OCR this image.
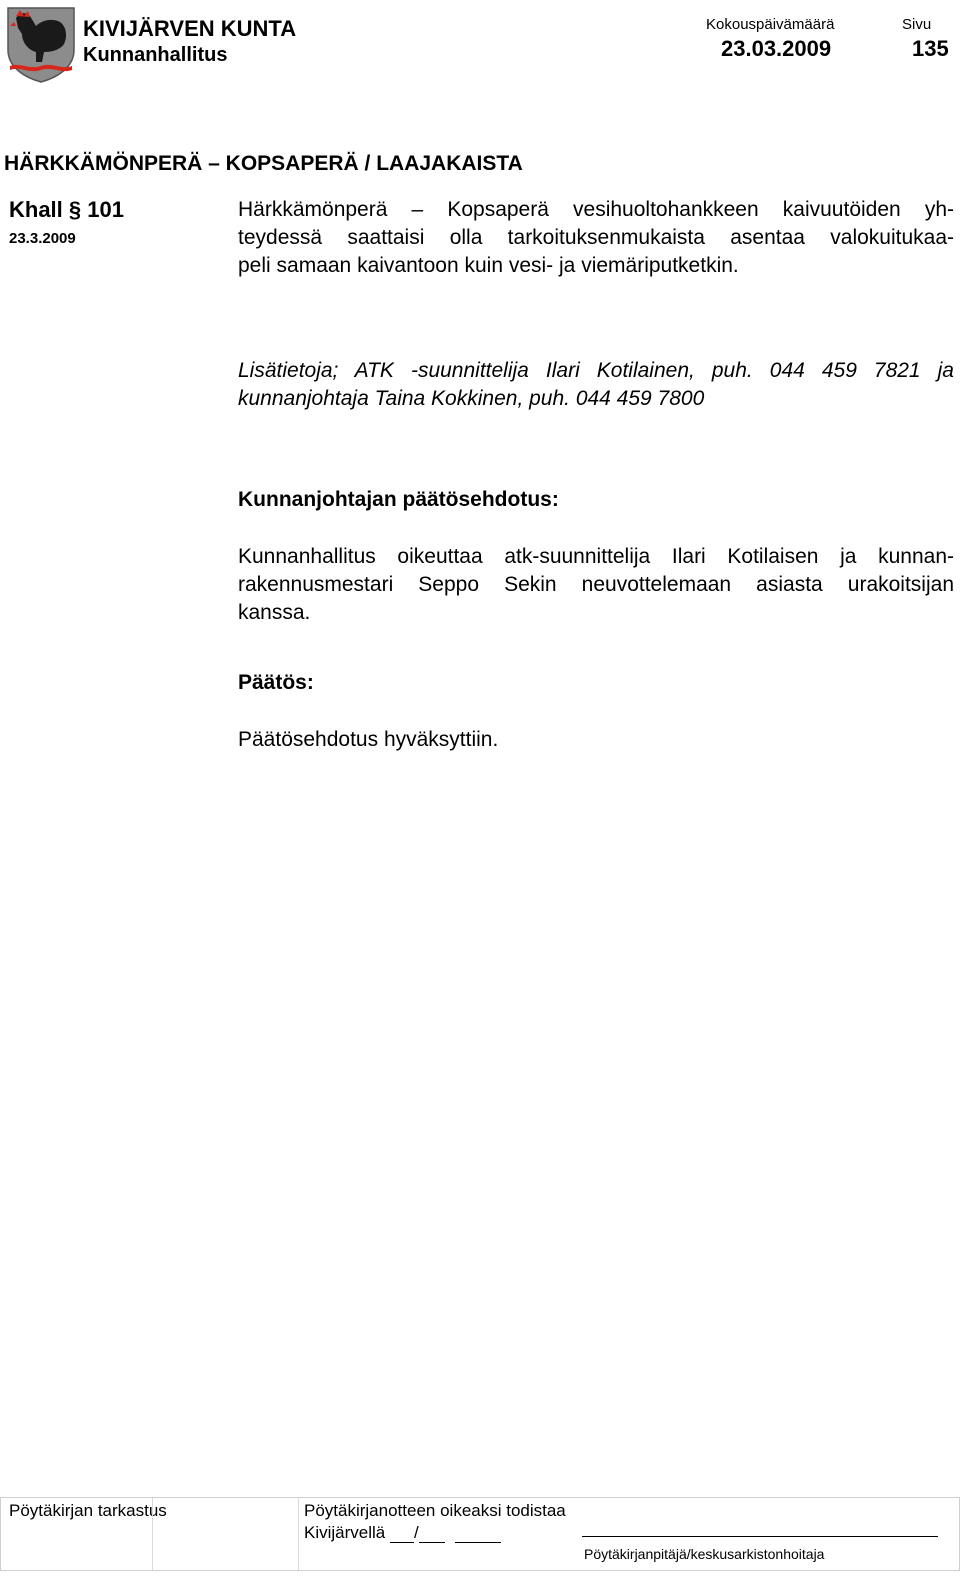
KIVIJÄRVEN KUNTA
Kunnanhallitus
Kokouspäivämäärä
23.03.2009
Sivu
135
HÄRKKÄMÖNPERÄ – KOPSAPERÄ / LAAJAKAISTA
Khall § 101
23.3.2009
Härkkämönperä – Kopsaperä vesihuoltohankkeen kaivuutöiden yh-
teydessä saattaisi olla tarkoituksenmukaista asentaa valokuitukaa-
peli samaan kaivantoon kuin vesi- ja viemäriputketkin.
Lisätietoja; ATK -suunnittelija Ilari Kotilainen, puh. 044 459 7821 ja
kunnanjohtaja Taina Kokkinen, puh. 044 459 7800
Kunnanjohtajan päätösehdotus:
Kunnanhallitus oikeuttaa atk-suunnittelija Ilari Kotilaisen ja kunnan-
rakennusmestari Seppo Sekin neuvottelemaan asiasta urakoitsijan
kanssa.
Päätös:
Päätösehdotus hyväksyttiin.
Pöytäkirjan tarkastus	Pöytäkirjanotteen oikeaksi todistaa
Kivijärvellä /
Pöytäkirjanpitäjä/keskusarkistonhoitaja
